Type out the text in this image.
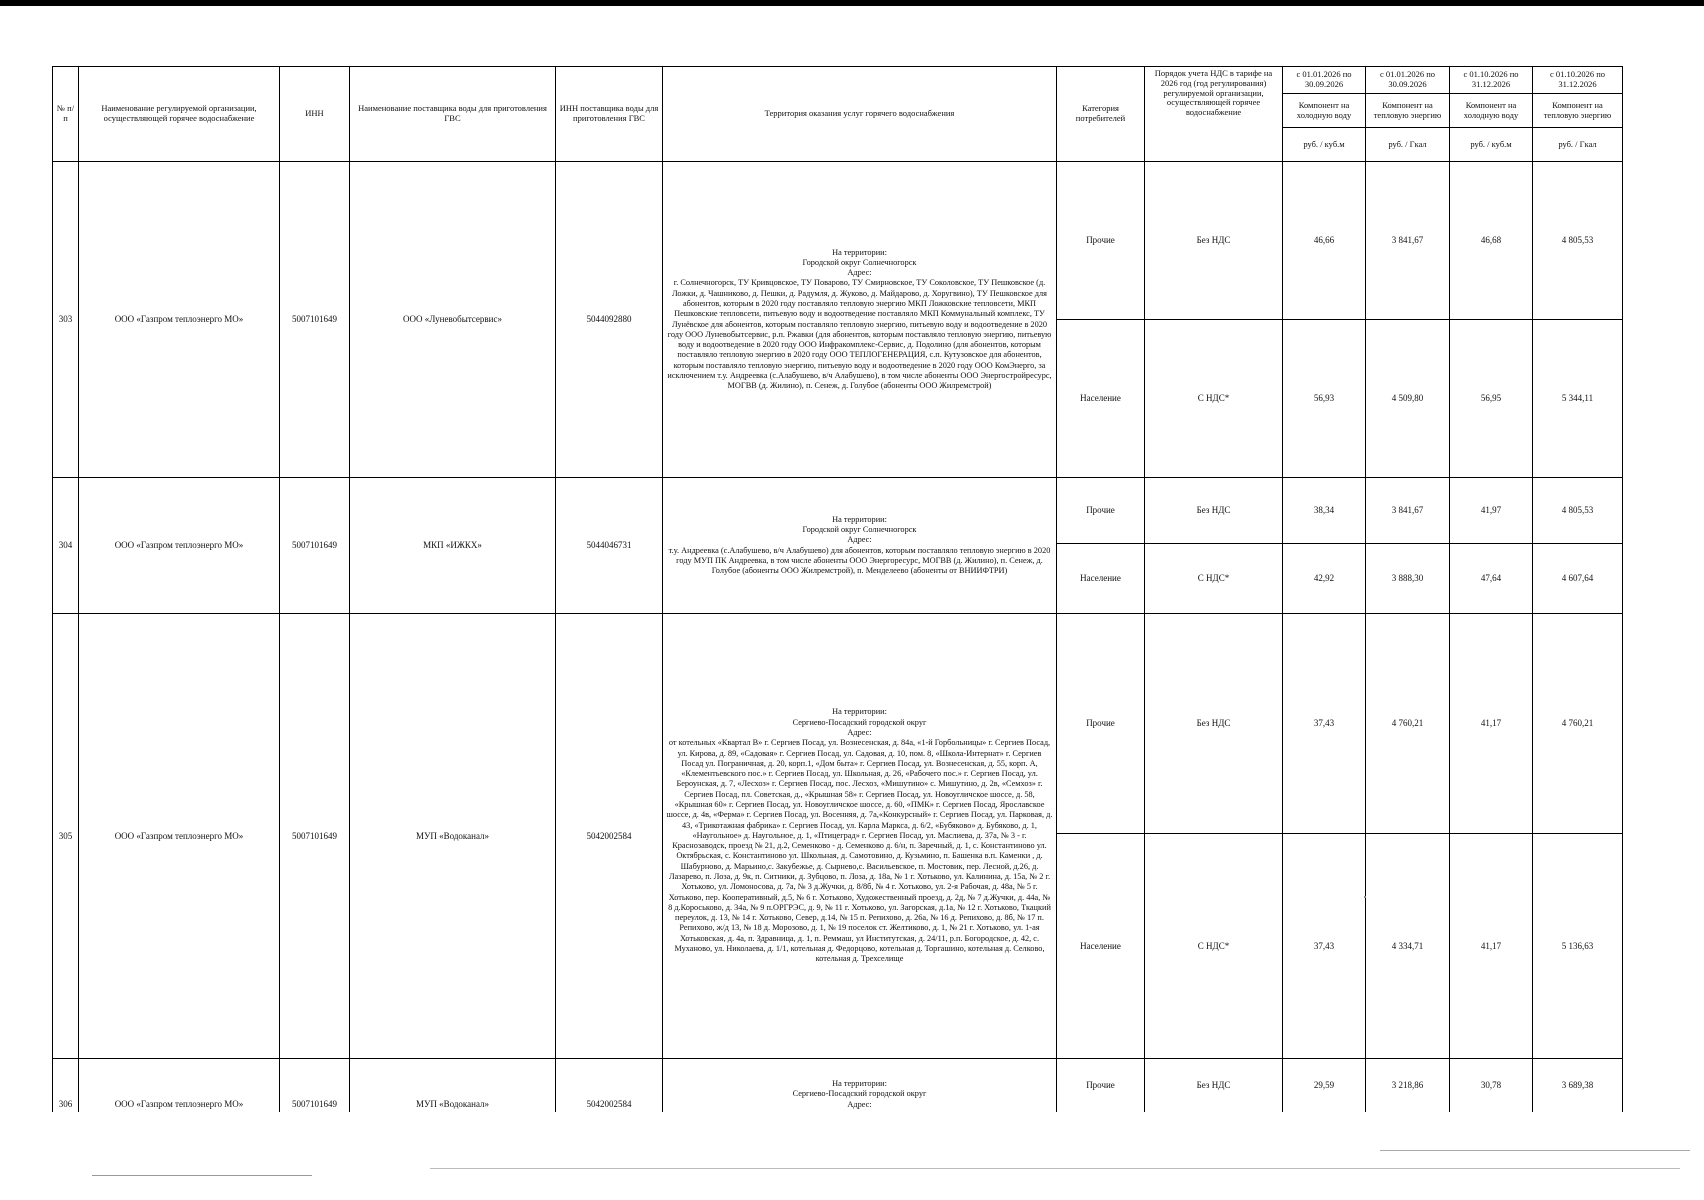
№ п/п	Наименование регулируемой организации, осуществляющей горячее водоснабжение	ИНН	Наименование поставщика воды для приготовления ГВС	ИНН поставщика воды для приготовления ГВС	Территория оказания услуг горячего водоснабжения	Категория потребителей	Порядок учета НДС в тарифе на 2026 год (год регулирования) регулируемой организации, осуществляющей горячее водоснабжение	с 01.01.2026 по 30.09.2026	с 01.01.2026 по 30.09.2026	с 01.10.2026 по 31.12.2026	с 01.10.2026 по 31.12.2026
								Компонент на холодную воду	Компонент на тепловую энергию	Компонент на холодную воду	Компонент на тепловую энергию
								руб. / куб.м	руб. / Гкал	руб. / куб.м	руб. / Гкал
303	ООО «Газпром теплоэнерго МО»	5007101649	ООО «Луневобытсервис»	5044092880	На территории:
Городской округ Солнечногорск
Адрес:
г. Солнечногорск, ТУ Кривцовское, ТУ Поварово, ТУ Смирновское, ТУ Соколовское, ТУ Пешковское (д. Ложки, д. Чашниково, д. Пешки, д. Радумля, д. Жуково, д. Майдарово, д. Хоругвино), ТУ Пешковское для абонентов, которым в 2020 году поставляло тепловую энергию МКП Ложковские тепловсети, МКП Пешковские тепловсети, питьевую воду и водоотведение поставляло МКП Коммунальный комплекс, ТУ Лунёвское для абонентов, которым поставляло тепловую энергию, питьевую воду и водоотведение в 2020 году ООО Луневобытсервис, р.п. Ржавки (для абонентов, которым поставляло тепловую энергию, питьевую воду и водоотведение в 2020 году ООО Инфракомплекс-Сервис, д. Подолино (для абонентов, которым поставляло тепловую энергию в 2020 году ООО ТЕПЛОГЕНЕРАЦИЯ, с.п. Кутузовское для абонентов, которым поставляло тепловую энергию, питьевую воду и водоотведение в 2020 году ООО КомЭнерго, за исключением т.у. Андреевка (с.Алабушево, в/ч Алабушево), в том числе абоненты ООО Энергостройресурс, МОГВВ (д. Жилино), п. Сенеж, д. Голубое (абоненты ООО Жилремстрой)	Прочие	Без НДС	46,66	3 841,67	46,68	4 805,53
						Население	С НДС*	56,93	4 509,80	56,95	5 344,11
304	ООО «Газпром теплоэнерго МО»	5007101649	МКП «ИЖКХ»	5044046731	На территории:
Городской округ Солнечногорск
Адрес:
т.у. Андреевка (с.Алабушево, в/ч Алабушево) для абонентов, которым поставляло тепловую энергию в 2020 году МУП ПК Андреевка, в том числе абоненты ООО Энергоресурс, МОГВВ (д. Жилино), п. Сенеж, д. Голубое (абоненты ООО Жилремстрой), п. Менделеево (абоненты от ВНИИФТРИ)	Прочие	Без НДС	38,34	3 841,67	41,97	4 805,53
						Население	С НДС*	42,92	3 888,30	47,64	4 607,64
305	ООО «Газпром теплоэнерго МО»	5007101649	МУП «Водоканал»	5042002584	На территории:
Сергиево-Посадский городской округ
Адрес:
от котельных «Квартал В» г. Сергиев Посад, ул. Вознесенская, д. 84а, «1-й Горбольницы» г. Сергиев Посад, ул. Кирова, д. 89, «Садовая» г. Сергиев Посад, ул. Садовая, д. 10, пом. 8, «Школа-Интернат» г. Сергиев Посад ул. Пограничная, д. 20, корп.1, «Дом быта» г. Сергиев Посад, ул. Вознесенская, д. 55, корп. А, «Клементьевского пос.» г. Сергиев Посад, ул. Школьная, д. 26, «Рабочего пос.» г. Сергиев Посад, ул. Бероунская, д. 7, «Лесхоз» г. Сергиев Посад, пос. Лесхоз, «Мишутино» с. Мишутино, д. 2в, «Семхоз» г. Сергиев Посад, пл. Советская, д., «Крышная 58» г. Сергиев Посад, ул. Новоугличское шоссе, д. 58, «Крышная 60» г. Сергиев Посад, ул. Новоугличское шоссе, д. 60, «ПМК» г. Сергиев Посад, Ярославское шоссе, д. 4в, «Ферма» г. Сергиев Посад, ул. Восенняя, д. 7а,«Конкурсный» г. Сергиев Посад, ул. Парковая, д. 43, «Трикотажная фабрика» г. Сергиев Посад, ул. Карла Маркса, д. 6/2, «Бубяково» д. Бубяково, д. 1, «Наугольное» д. Наугольное, д. 1, «Птицеград» г. Сергиев Посад, ул. Маслиева, д. 37а, № 3 - г. Краснозаводск, проезд № 21, д.2, Семенково - д. Семенково д. 6/н, п. Заречный, д. 1, с. Константиново ул. Октябрьская, с. Константиново ул. Школьная, д. Самотовино, д. Кузьмино, п. Башенка в.п. Каменки , д. Шабурново, д. Марьино,с. Закубежье, д. Сырнево,с. Васильевское, п. Мостовик, пер. Лесной, д.26, д. Лазарево, п. Лоза, д. 9к, п. Ситники, д. Зубцово, п. Лоза, д. 18а, № 1 г. Хотьково, ул. Калинина, д. 15а, № 2 г. Хотьково, ул. Ломоносова, д. 7а, № 3 д.Жучки, д. 8/8б, № 4 г. Хотьково, ул. 2-я Рабочая, д. 48а, № 5 г. Хотьково, пер. Кооперативный, д.5, № 6 г. Хотьково, Художественный проезд, д. 2д, № 7 д.Жучки, д. 44а, № 8 д.Короськово, д. 34а, № 9 п.ОРГРЭС, д. 9, № 11 г. Хотьково, ул. Загорская, д.1а, № 12 г. Хотьково, Ткацкий переулок, д. 13, № 14 г. Хотьково, Север, д.14, № 15 п. Репихово, д. 26а, № 16 д. Репихово, д. 8б, № 17 п. Репихово, ж/д 13, № 18 д. Морозово, д. 1, № 19 поселок ст. Желтиково, д. 1, № 21 г. Хотьково, ул. 1-ая Хотьковская, д. 4а, п. Здравница, д. 1, п. Реммаш, ул Институтская, д. 24/11, р.п. Богородское, д. 42, с. Муханово, ул. Николаева, д. 1/1, котельная д. Федорцово, котельная д. Торгашино, котельная д. Селково, котельная д. Трехселище	Прочие	Без НДС	37,43	4 760,21	41,17	4 760,21
						Население	С НДС*	37,43	4 334,71	41,17	5 136,63
306	ООО «Газпром теплоэнерго МО»	5007101649	МУП «Водоканал»	5042002584	На территории:
Сергиево-Посадский городской округ
Адрес:	Прочие	Без НДС	29,59	3 218,86	30,78	3 689,38
